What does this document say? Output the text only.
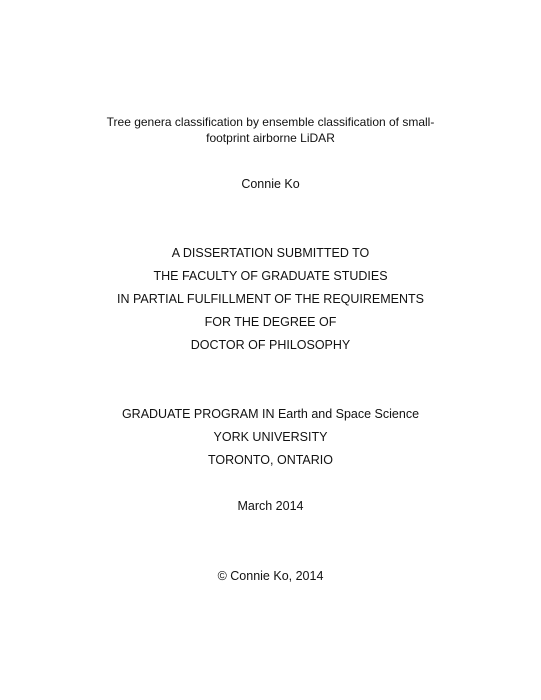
Tree genera classification by ensemble classification of small-
footprint airborne LiDAR
Connie Ko
A DISSERTATION SUBMITTED TO
THE FACULTY OF GRADUATE STUDIES
IN PARTIAL FULFILLMENT OF THE REQUIREMENTS
FOR THE DEGREE OF
DOCTOR OF PHILOSOPHY
GRADUATE PROGRAM IN Earth and Space Science
YORK UNIVERSITY
TORONTO, ONTARIO
March 2014
© Connie Ko, 2014
